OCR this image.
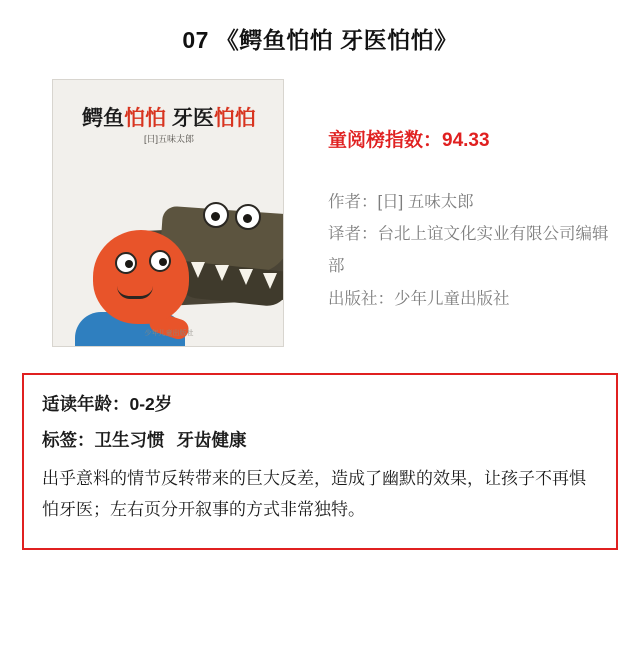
07 《鳄鱼怕怕 牙医怕怕》
鳄鱼怕怕 牙医怕怕
[日]五味太郎
少年儿童出版社
童阅榜指数：94.33
作者：[日] 五味太郎
译者：台北上谊文化实业有限公司编辑部
出版社：少年儿童出版社
适读年龄：0-2岁
标签：卫生习惯 牙齿健康
出乎意料的情节反转带来的巨大反差，造成了幽默的效果，让孩子不再惧怕牙医；左右页分开叙事的方式非常独特。
